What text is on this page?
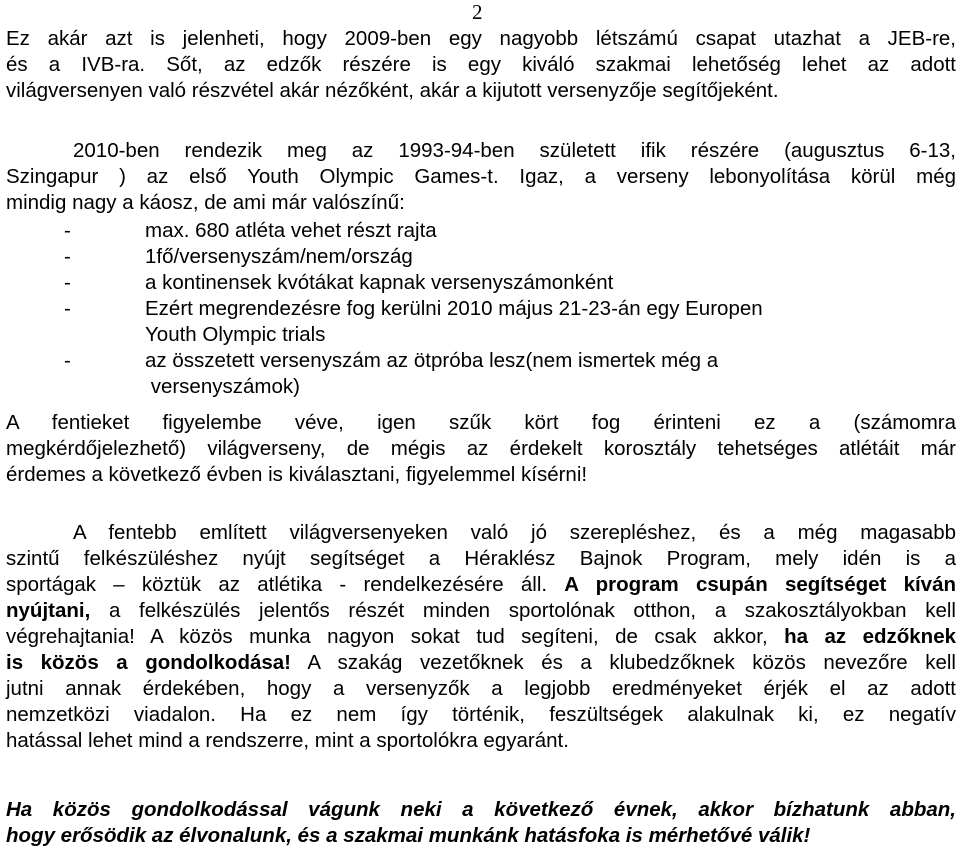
2
Ez akár azt is jelenheti, hogy 2009-ben egy nagyobb létszámú csapat utazhat a JEB-re,
és a IVB-ra. Sőt, az edzők részére is egy kiváló szakmai lehetőség lehet az adott
világversenyen való részvétel akár nézőként, akár a kijutott versenyzője segítőjeként.
2010-ben rendezik meg az 1993-94-ben született ifik részére (augusztus 6-13,
Szingapur ) az első Youth Olympic Games-t. Igaz, a verseny lebonyolítása körül még
mindig nagy a káosz, de ami már valószínű:
-	max. 680 atléta vehet részt rajta
-	1fő/versenyszám/nem/ország
-	a kontinensek kvótákat kapnak versenyszámonként
-	Ezért megrendezésre fog kerülni 2010 május 21-23-án egy Europen
Youth Olympic trials
-	az összetett versenyszám az ötpróba lesz(nem ismertek még a
versenyszámok)
A fentieket figyelembe véve, igen szűk kört fog érinteni ez a (számomra
megkérdőjelezhető) világverseny, de mégis az érdekelt korosztály tehetséges atlétáit már
érdemes a következő évben is kiválasztani, figyelemmel kísérni!
A fentebb említett világversenyeken való jó szerepléshez, és a még magasabb
szintű felkészüléshez nyújt segítséget a Héraklész Bajnok Program, mely idén is a
sportágak – köztük az atlétika - rendelkezésére áll. A program csupán segítséget kíván
nyújtani, a felkészülés jelentős részét minden sportolónak otthon, a szakosztályokban kell
végrehajtania! A közös munka nagyon sokat tud segíteni, de csak akkor, ha az edzőknek
is közös a gondolkodása! A szakág vezetőknek és a klubedzőknek közös nevezőre kell
jutni annak érdekében, hogy a versenyzők a legjobb eredményeket érjék el az adott
nemzetközi viadalon. Ha ez nem így történik, feszültségek alakulnak ki, ez negatív
hatással lehet mind a rendszerre, mint a sportolókra egyaránt.
Ha közös gondolkodással vágunk neki a következő évnek, akkor bízhatunk abban,
hogy erősödik az élvonalunk, és a szakmai munkánk hatásfoka is mérhetővé válik!
